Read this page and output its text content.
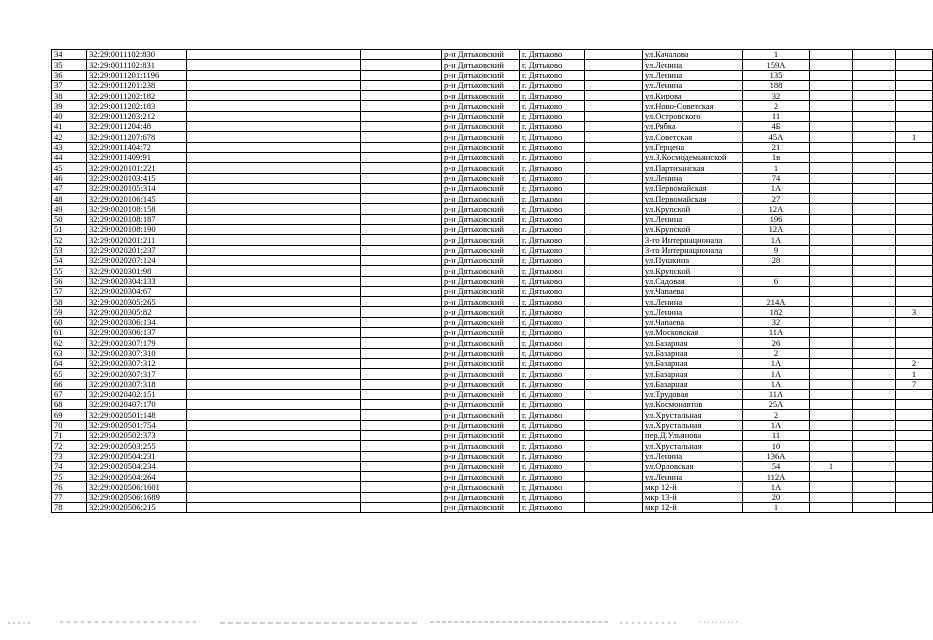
34	32:29:0011102:830			р-н Дятьковский	г. Дятьково		ул.Качалова	1			
35	32:29:0011102:831			р-н Дятьковский	г. Дятьково		ул.Ленина	159А			
36	32:29:0011201:1196			р-н Дятьковский	г. Дятьково		ул.Ленина	135			
37	32:29:0011201:238			р-н Дятьковский	г. Дятьково		ул.Ленина	188			
38	32:29:0011202:182			р-н Дятьковский	г. Дятьково		ул.Кирова	32			
39	32:29:0011202:183			р-н Дятьковский	г. Дятьково		ул.Ново-Советская	2			
40	32:29:0011203:212			р-н Дятьковский	г. Дятьково		ул.Островского	11			
41	32:29:0011204:48			р-н Дятьковский	г. Дятьково		ул.Рябка	4Б			
42	32:29:0011207:678			р-н Дятьковский	г. Дятьково		ул.Советская	45А			1
43	32:29:0011404:72			р-н Дятьковский	г. Дятьково		ул.Герцена	21			
44	32:29:0011409:91			р-н Дятьковский	г. Дятьково		ул.З.Космодемьянской	1в			
45	32:29:0020101:221			р-н Дятьковский	г. Дятьково		ул.Партизанская	1			
46	32:29:0020103:415			р-н Дятьковский	г. Дятьково		ул.Ленина	74			
47	32:29:0020105:314			р-н Дятьковский	г. Дятьково		ул.Первомайская	1А			
48	32:29:0020106:145			р-н Дятьковский	г. Дятьково		ул.Первомайская	27			
49	32:29:0020108:158			р-н Дятьковский	г. Дятьково		ул.Крупской	12А			
50	32:29:0020108:187			р-н Дятьковский	г. Дятьково		ул.Ленина	196			
51	32:29:0020108:190			р-н Дятьковский	г. Дятьково		ул.Крупской	12А			
52	32:29:0020201:211			р-н Дятьковский	г. Дятьково		3-го Интернационала	1А			
53	32:29:0020201:237			р-н Дятьковский	г. Дятьково		3-го Интернационала	9			
54	32:29:0020207:124			р-н Дятьковский	г. Дятьково		ул.Пушкина	28			
55	32:29:0020301:98			р-н Дятьковский	г. Дятьково		ул.Крупской				
56	32:29:0020304:133			р-н Дятьковский	г. Дятьково		ул.Садовая	6			
57	32:29:0020304:67			р-н Дятьковский	г. Дятьково		ул.Чапаева				
58	32:29:0020305:265			р-н Дятьковский	г. Дятьково		ул.Ленина	214А			
59	32:29:0020305:82			р-н Дятьковский	г. Дятьково		ул.Ленина	182			3
60	32:29:0020306:134			р-н Дятьковский	г. Дятьково		ул.Чапаева	32			
61	32:29:0020306:137			р-н Дятьковский	г. Дятьково		ул.Московская	11А			
62	32:29:0020307:179			р-н Дятьковский	г. Дятьково		ул.Базарная	26			
63	32:29:0020307:310			р-н Дятьковский	г. Дятьково		ул.Базарная	2			
64	32:29:0020307:312			р-н Дятьковский	г. Дятьково		ул.Базарная	1А			2
65	32:29:0020307:317			р-н Дятьковский	г. Дятьково		ул.Базарная	1А			1
66	32:29:0020307:318			р-н Дятьковский	г. Дятьково		ул.Базарная	1А			7
67	32:29:0020402:151			р-н Дятьковский	г. Дятьково		ул.Трудовая	11А			
68	32:29:0020407:170			р-н Дятьковский	г. Дятьково		ул.Космонавтов	25А			
69	32:29:0020501:148			р-н Дятьковский	г. Дятьково		ул.Хрустальная	2			
70	32:29:0020501:754			р-н Дятьковский	г. Дятьково		ул.Хрустальная	1А			
71	32:29:0020502:373			р-н Дятьковский	г. Дятьково		пер.Д.Ульянова	11			
72	32:29:0020503:255			р-н Дятьковский	г. Дятьково		ул.Хрустальная	10			
73	32:29:0020504:231			р-н Дятьковский	г. Дятьково		ул.Ленина	136А			
74	32:29:0020504:234			р-н Дятьковский	г. Дятьково		ул.Орловская	54	1		
75	32:29:0020504:264			р-н Дятьковский	г. Дятьково		ул.Ленина	112А			
76	32:29:0020506:1601			р-н Дятьковский	г. Дятьково		мкр 12-й	1А			
77	32:29:0020506:1689			р-н Дятьковский	г. Дятьково		мкр 13-й	20			
78	32:29:0020506:215			р-н Дятьковский	г. Дятьково		мкр 12-й	1			
